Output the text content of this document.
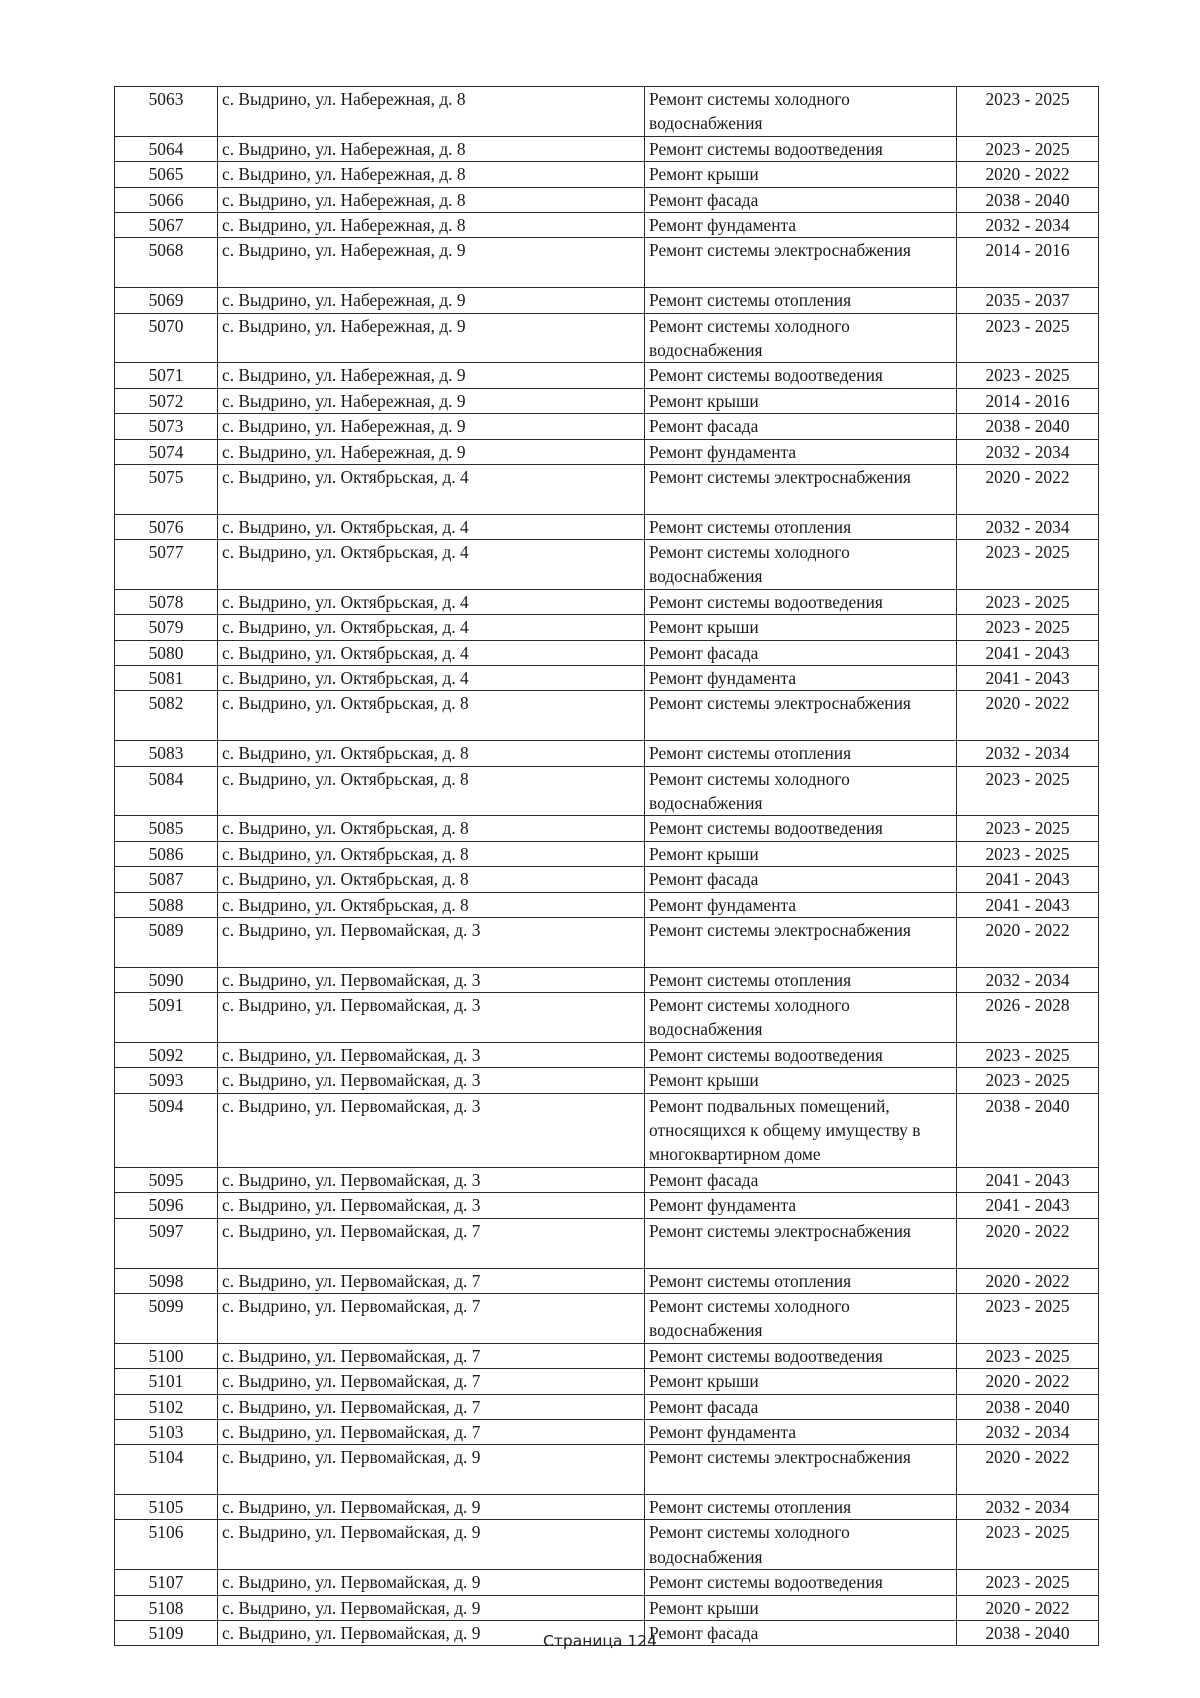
5063	с. Выдрино, ул. Набережная, д. 8	Ремонт системы холодного водоснабжения	2023 - 2025
5064	с. Выдрино, ул. Набережная, д. 8	Ремонт системы водоотведения	2023 - 2025
5065	с. Выдрино, ул. Набережная, д. 8	Ремонт крыши	2020 - 2022
5066	с. Выдрино, ул. Набережная, д. 8	Ремонт фасада	2038 - 2040
5067	с. Выдрино, ул. Набережная, д. 8	Ремонт фундамента	2032 - 2034
5068	с. Выдрино, ул. Набережная, д. 9	Ремонт системы электроснабжения	2014 - 2016
5069	с. Выдрино, ул. Набережная, д. 9	Ремонт системы отопления	2035 - 2037
5070	с. Выдрино, ул. Набережная, д. 9	Ремонт системы холодного водоснабжения	2023 - 2025
5071	с. Выдрино, ул. Набережная, д. 9	Ремонт системы водоотведения	2023 - 2025
5072	с. Выдрино, ул. Набережная, д. 9	Ремонт крыши	2014 - 2016
5073	с. Выдрино, ул. Набережная, д. 9	Ремонт фасада	2038 - 2040
5074	с. Выдрино, ул. Набережная, д. 9	Ремонт фундамента	2032 - 2034
5075	с. Выдрино, ул. Октябрьская, д. 4	Ремонт системы электроснабжения	2020 - 2022
5076	с. Выдрино, ул. Октябрьская, д. 4	Ремонт системы отопления	2032 - 2034
5077	с. Выдрино, ул. Октябрьская, д. 4	Ремонт системы холодного водоснабжения	2023 - 2025
5078	с. Выдрино, ул. Октябрьская, д. 4	Ремонт системы водоотведения	2023 - 2025
5079	с. Выдрино, ул. Октябрьская, д. 4	Ремонт крыши	2023 - 2025
5080	с. Выдрино, ул. Октябрьская, д. 4	Ремонт фасада	2041 - 2043
5081	с. Выдрино, ул. Октябрьская, д. 4	Ремонт фундамента	2041 - 2043
5082	с. Выдрино, ул. Октябрьская, д. 8	Ремонт системы электроснабжения	2020 - 2022
5083	с. Выдрино, ул. Октябрьская, д. 8	Ремонт системы отопления	2032 - 2034
5084	с. Выдрино, ул. Октябрьская, д. 8	Ремонт системы холодного водоснабжения	2023 - 2025
5085	с. Выдрино, ул. Октябрьская, д. 8	Ремонт системы водоотведения	2023 - 2025
5086	с. Выдрино, ул. Октябрьская, д. 8	Ремонт крыши	2023 - 2025
5087	с. Выдрино, ул. Октябрьская, д. 8	Ремонт фасада	2041 - 2043
5088	с. Выдрино, ул. Октябрьская, д. 8	Ремонт фундамента	2041 - 2043
5089	с. Выдрино, ул. Первомайская, д. 3	Ремонт системы электроснабжения	2020 - 2022
5090	с. Выдрино, ул. Первомайская, д. 3	Ремонт системы отопления	2032 - 2034
5091	с. Выдрино, ул. Первомайская, д. 3	Ремонт системы холодного водоснабжения	2026 - 2028
5092	с. Выдрино, ул. Первомайская, д. 3	Ремонт системы водоотведения	2023 - 2025
5093	с. Выдрино, ул. Первомайская, д. 3	Ремонт крыши	2023 - 2025
5094	с. Выдрино, ул. Первомайская, д. 3	Ремонт подвальных помещений, относящихся к общему имуществу в многоквартирном доме	2038 - 2040
5095	с. Выдрино, ул. Первомайская, д. 3	Ремонт фасада	2041 - 2043
5096	с. Выдрино, ул. Первомайская, д. 3	Ремонт фундамента	2041 - 2043
5097	с. Выдрино, ул. Первомайская, д. 7	Ремонт системы электроснабжения	2020 - 2022
5098	с. Выдрино, ул. Первомайская, д. 7	Ремонт системы отопления	2020 - 2022
5099	с. Выдрино, ул. Первомайская, д. 7	Ремонт системы холодного водоснабжения	2023 - 2025
5100	с. Выдрино, ул. Первомайская, д. 7	Ремонт системы водоотведения	2023 - 2025
5101	с. Выдрино, ул. Первомайская, д. 7	Ремонт крыши	2020 - 2022
5102	с. Выдрино, ул. Первомайская, д. 7	Ремонт фасада	2038 - 2040
5103	с. Выдрино, ул. Первомайская, д. 7	Ремонт фундамента	2032 - 2034
5104	с. Выдрино, ул. Первомайская, д. 9	Ремонт системы электроснабжения	2020 - 2022
5105	с. Выдрино, ул. Первомайская, д. 9	Ремонт системы отопления	2032 - 2034
5106	с. Выдрино, ул. Первомайская, д. 9	Ремонт системы холодного водоснабжения	2023 - 2025
5107	с. Выдрино, ул. Первомайская, д. 9	Ремонт системы водоотведения	2023 - 2025
5108	с. Выдрино, ул. Первомайская, д. 9	Ремонт крыши	2020 - 2022
5109	с. Выдрино, ул. Первомайская, д. 9	Ремонт фасада	2038 - 2040
Страница 124
